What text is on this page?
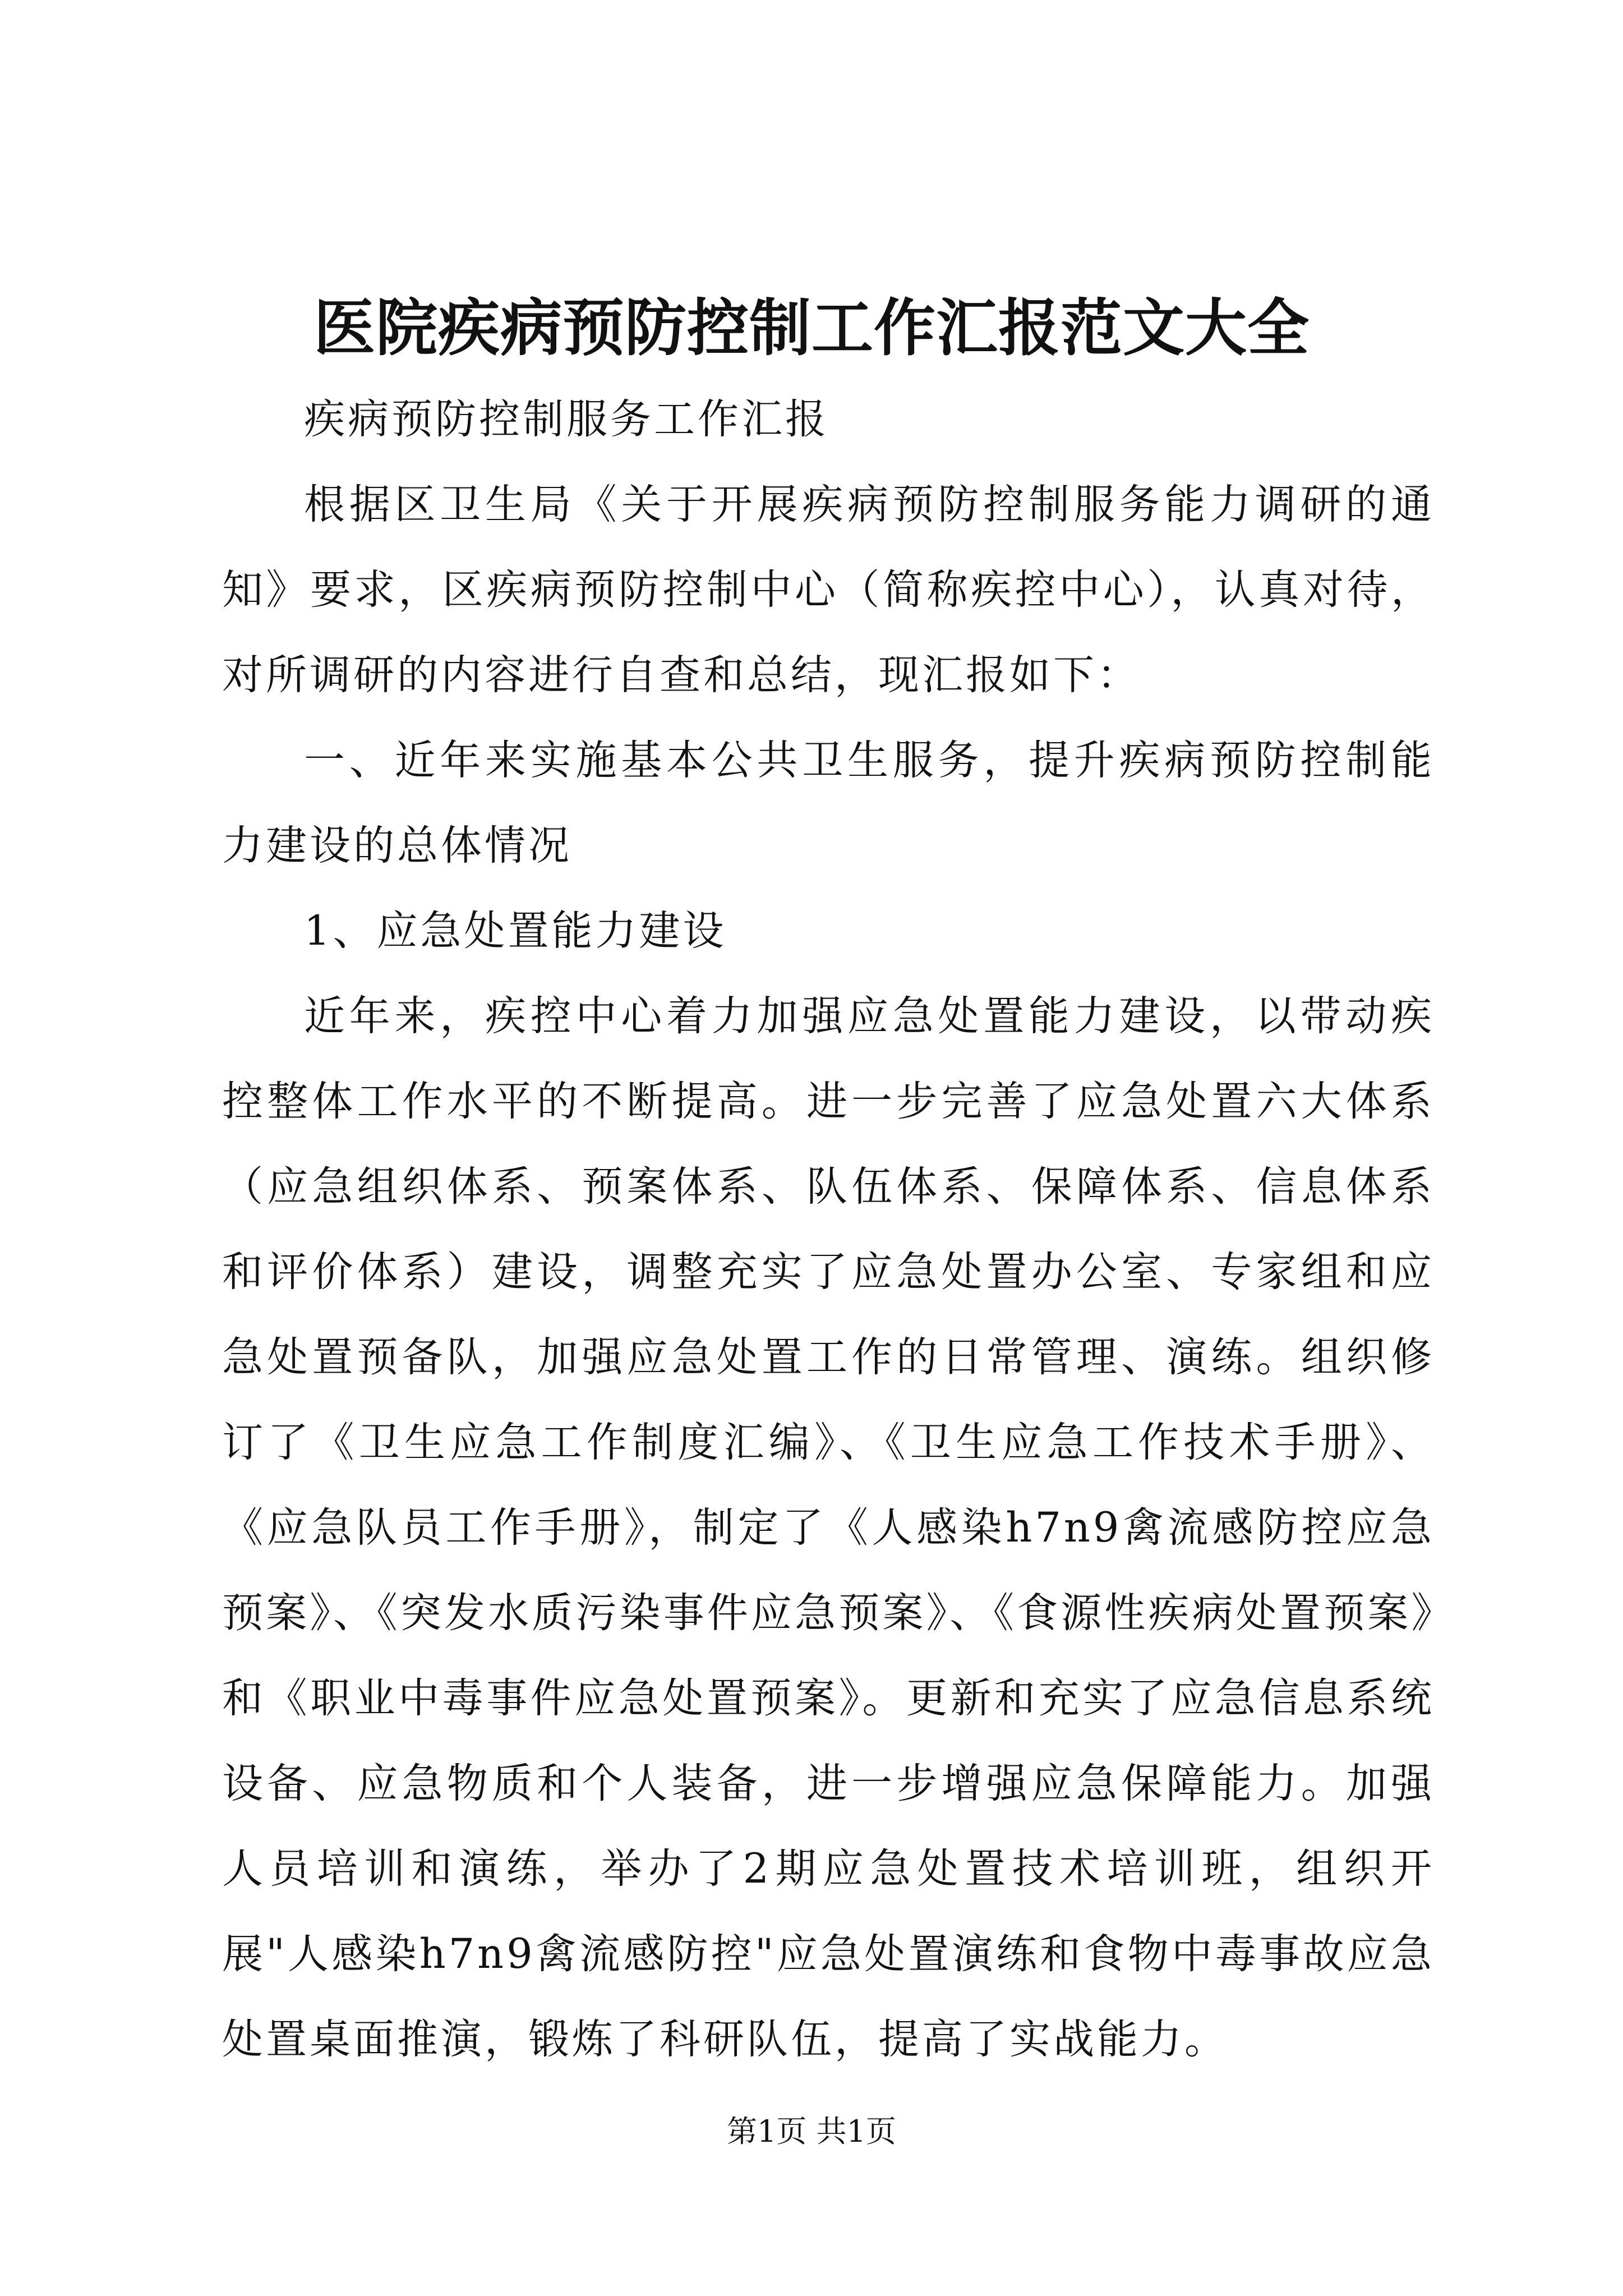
医院疾病预防控制工作汇报范文大全

疾病预防控制服务工作汇报

根据区卫生局《关于开展疾病预防控制服务能力调研的通知》要求，区疾病预防控制中心（简称疾控中心），认真对待，对所调研的内容进行自查和总结，现汇报如下：

一、近年来实施基本公共卫生服务，提升疾病预防控制能力建设的总体情况

1、应急处置能力建设

近年来，疾控中心着力加强应急处置能力建设，以带动疾控整体工作水平的不断提高。进一步完善了应急处置六大体系（应急组织体系、预案体系、队伍体系、保障体系、信息体系和评价体系）建设，调整充实了应急处置办公室、专家组和应急处置预备队，加强应急处置工作的日常管理、演练。组织修订了《卫生应急工作制度汇编》、《卫生应急工作技术手册》、《应急队员工作手册》，制定了《人感染h7n9禽流感防控应急预案》、《突发水质污染事件应急预案》、《食源性疾病处置预案》和《职业中毒事件应急处置预案》。更新和充实了应急信息系统设备、应急物质和个人装备，进一步增强应急保障能力。加强人员培训和演练，举办了2期应急处置技术培训班，组织开展"人感染h7n9禽流感防控"应急处置演练和食物中毒事故应急处置桌面推演，锻炼了科研队伍，提高了实战能力。

第1页 共1页
